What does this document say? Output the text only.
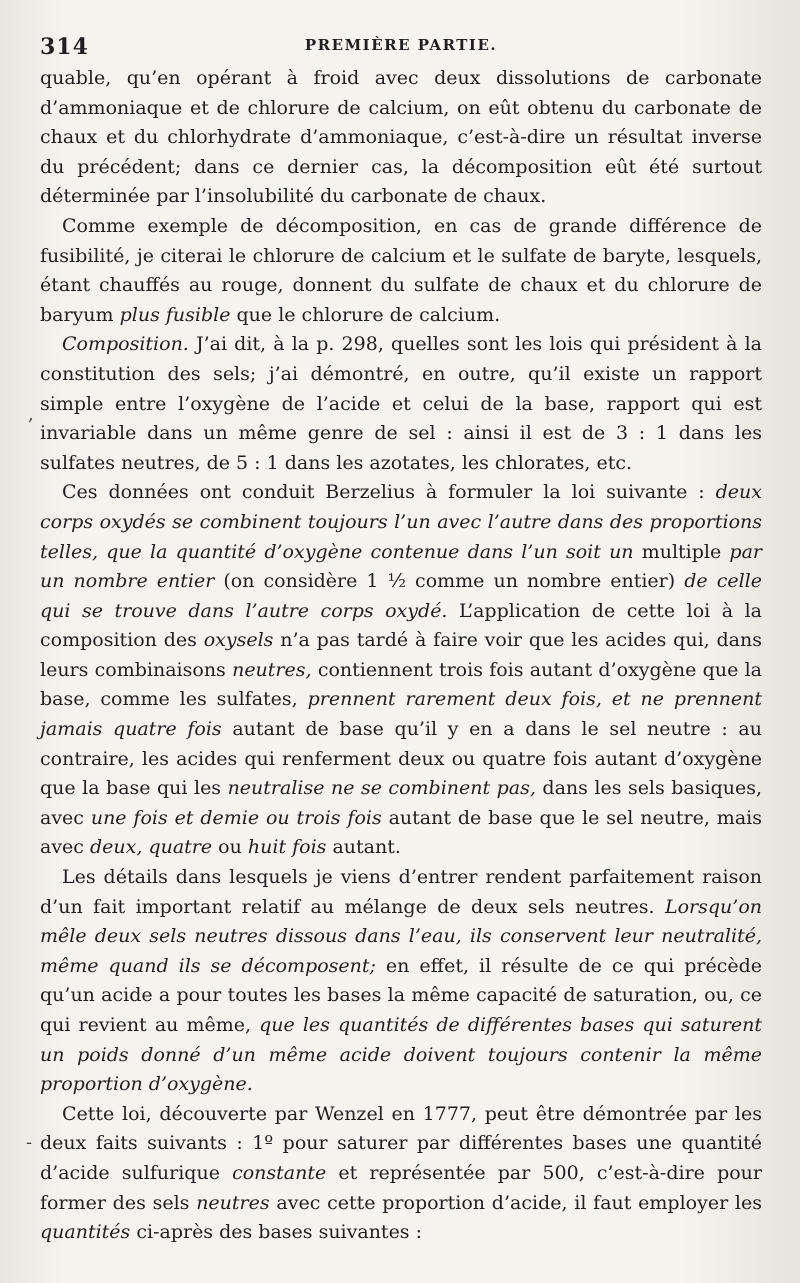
314	PREMIÈRE PARTIE.

quable, qu’en opérant à froid avec deux dissolutions de carbonate d’ammoniaque et de chlorure de calcium, on eût obtenu du carbonate de chaux et du chlorhydrate d’ammoniaque, c’est-à-dire un résultat inverse du précédent; dans ce dernier cas, la décomposition eût été surtout déterminée par l’insolubilité du carbonate de chaux.

Comme exemple de décomposition, en cas de grande différence de fusibilité, je citerai le chlorure de calcium et le sulfate de baryte, lesquels, étant chauffés au rouge, donnent du sulfate de chaux et du chlorure de baryum plus fusible que le chlorure de calcium.

Composition. J’ai dit, à la p. 298, quelles sont les lois qui président à la constitution des sels; j’ai démontré, en outre, qu’il existe un rapport simple entre l’oxygène de l’acide et celui de la base, rapport qui est invariable dans un même genre de sel : ainsi il est de 3 : 1 dans les sulfates neutres, de 5 : 1 dans les azotates, les chlorates, etc.

Ces données ont conduit Berzelius à formuler la loi suivante : deux corps oxydés se combinent toujours l’un avec l’autre dans des proportions telles, que la quantité d’oxygène contenue dans l’un soit un multiple par un nombre entier (on considère 1 ½ comme un nombre entier) de celle qui se trouve dans l’autre corps oxydé. L’application de cette loi à la composition des oxysels n’a pas tardé à faire voir que les acides qui, dans leurs combinaisons neutres, contiennent trois fois autant d’oxygène que la base, comme les sulfates, prennent rarement deux fois, et ne prennent jamais quatre fois autant de base qu’il y en a dans le sel neutre : au contraire, les acides qui renferment deux ou quatre fois autant d’oxygène que la base qui les neutralise ne se combinent pas, dans les sels basiques, avec une fois et demie ou trois fois autant de base que le sel neutre, mais avec deux, quatre ou huit fois autant.

Les détails dans lesquels je viens d’entrer rendent parfaitement raison d’un fait important relatif au mélange de deux sels neutres. Lorsqu’on mêle deux sels neutres dissous dans l’eau, ils conservent leur neutralité, même quand ils se décomposent; en effet, il résulte de ce qui précède qu’un acide a pour toutes les bases la même capacité de saturation, ou, ce qui revient au même, que les quantités de différentes bases qui saturent un poids donné d’un même acide doivent toujours contenir la même proportion d’oxygène.

Cette loi, découverte par Wenzel en 1777, peut être démontrée par les deux faits suivants : 1º pour saturer par différentes bases une quantité d’acide sulfurique constante et représentée par 500, c’est-à-dire pour former des sels neutres avec cette proportion d’acide, il faut employer les quantités ci-après des bases suivantes :

,
-
